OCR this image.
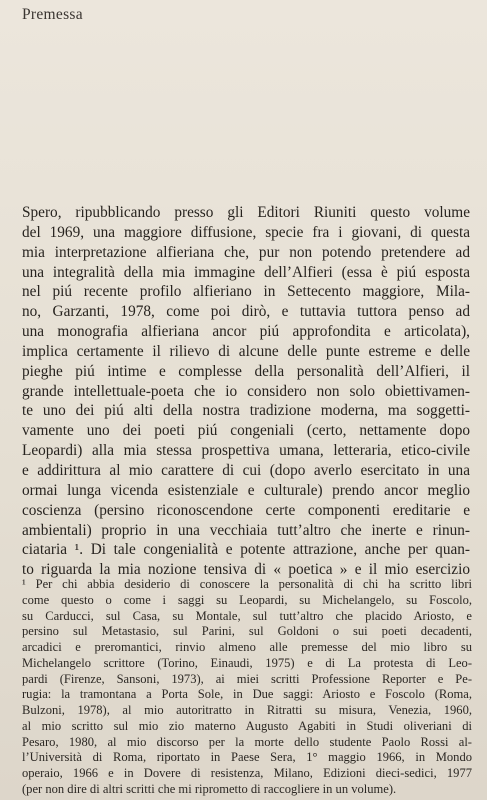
Premessa
Spero, ripubblicando presso gli Editori Riuniti questo volume
del 1969, una maggiore diffusione, specie fra i giovani, di questa
mia interpretazione alfieriana che, pur non potendo pretendere ad
una integralità della mia immagine dell’Alfieri (essa è piú esposta
nel piú recente profilo alfieriano in Settecento maggiore, Mila-
no, Garzanti, 1978, come poi dirò, e tuttavia tuttora penso ad
una monografia alfieriana ancor piú approfondita e articolata),
implica certamente il rilievo di alcune delle punte estreme e delle
pieghe piú intime e complesse della personalità dell’Alfieri, il
grande intellettuale-poeta che io considero non solo obiettivamen-
te uno dei piú alti della nostra tradizione moderna, ma soggetti-
vamente uno dei poeti piú congeniali (certo, nettamente dopo
Leopardi) alla mia stessa prospettiva umana, letteraria, etico-civile
e addirittura al mio carattere di cui (dopo averlo esercitato in una
ormai lunga vicenda esistenziale e culturale) prendo ancor meglio
coscienza (persino riconoscendone certe componenti ereditarie e
ambientali) proprio in una vecchiaia tutt’altro che inerte e rinun-
ciataria ¹. Di tale congenialità e potente attrazione, anche per quan-
to riguarda la mia nozione tensiva di « poetica » e il mio esercizio
¹ Per chi abbia desiderio di conoscere la personalità di chi ha scritto libri
come questo o come i saggi su Leopardi, su Michelangelo, su Foscolo,
su Carducci, sul Casa, su Montale, sul tutt’altro che placido Ariosto, e
persino sul Metastasio, sul Parini, sul Goldoni o sui poeti decadenti,
arcadici e preromantici, rinvio almeno alle premesse del mio libro su
Michelangelo scrittore (Torino, Einaudi, 1975) e di La protesta di Leo-
pardi (Firenze, Sansoni, 1973), ai miei scritti Professione Reporter e Pe-
rugia: la tramontana a Porta Sole, in Due saggi: Ariosto e Foscolo (Roma,
Bulzoni, 1978), al mio autoritratto in Ritratti su misura, Venezia, 1960,
al mio scritto sul mio zio materno Augusto Agabiti in Studi oliveriani di
Pesaro, 1980, al mio discorso per la morte dello studente Paolo Rossi al-
l’Università di Roma, riportato in Paese Sera, 1° maggio 1966, in Mondo
operaio, 1966 e in Dovere di resistenza, Milano, Edizioni dieci-sedici, 1977
(per non dire di altri scritti che mi riprometto di raccogliere in un volume).
